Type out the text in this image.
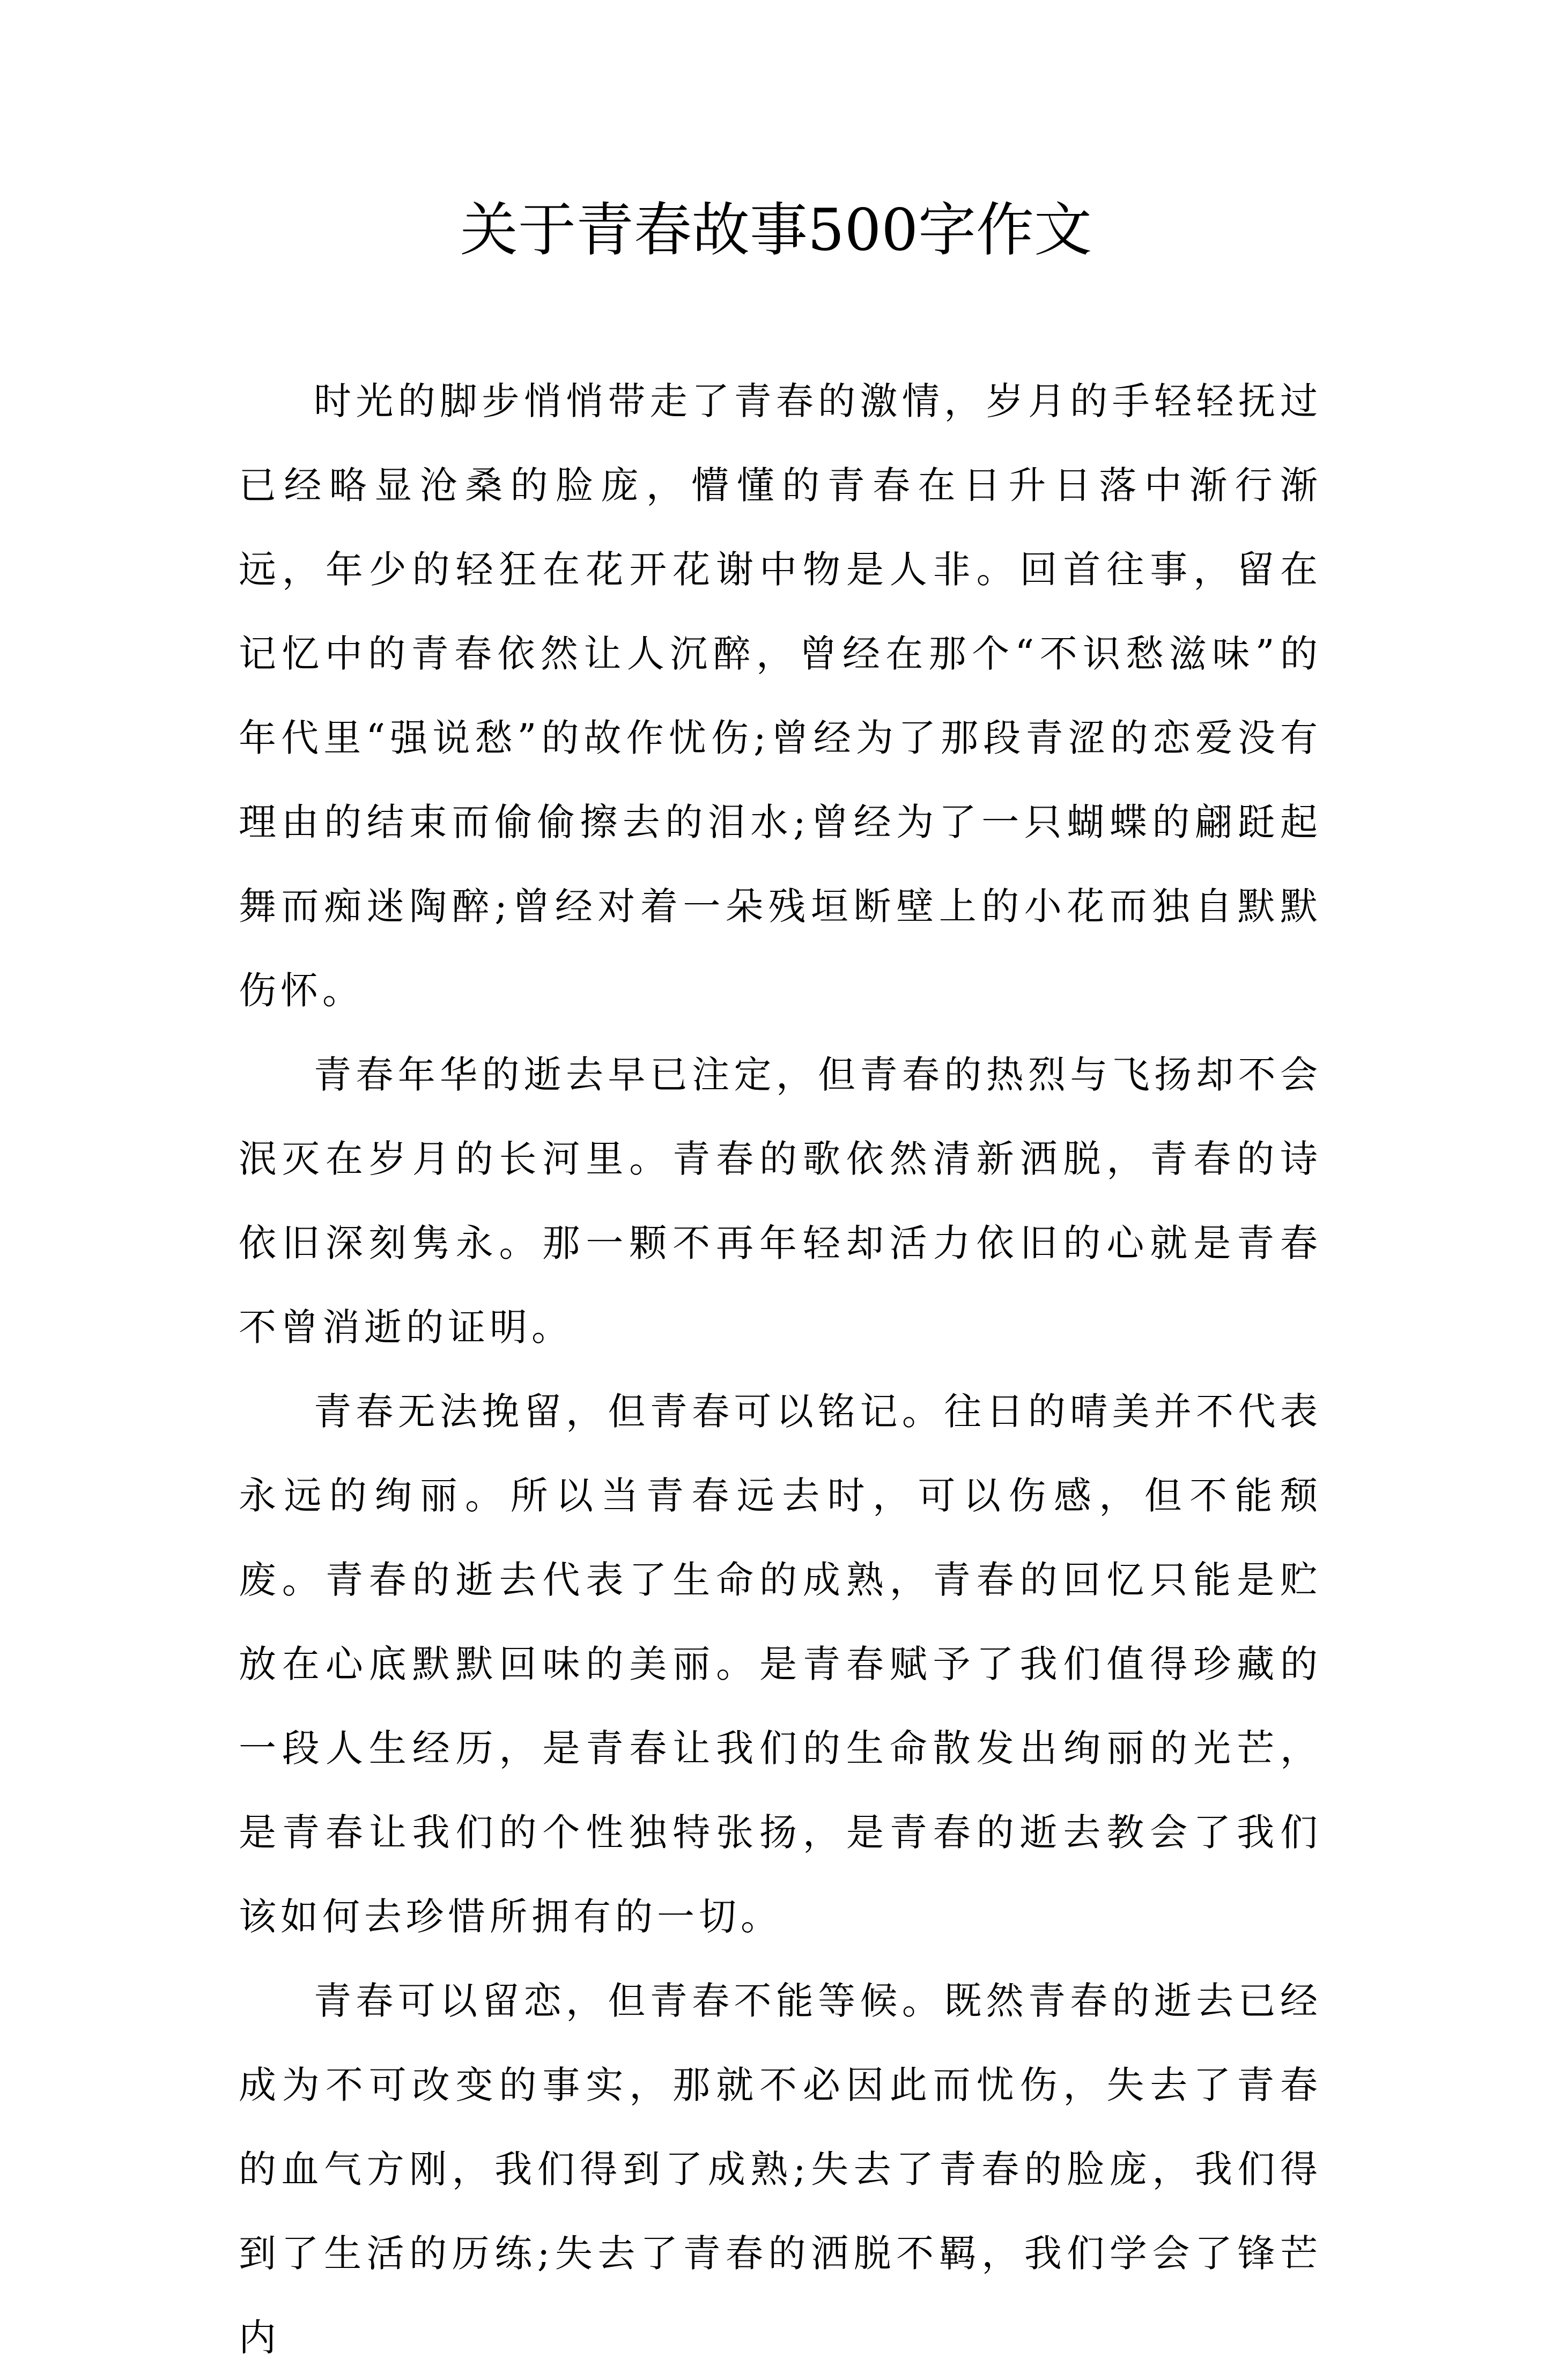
关于青春故事500字作文

时光的脚步悄悄带走了青春的激情，岁月的手轻轻抚过已经略显沧桑的脸庞，懵懂的青春在日升日落中渐行渐远，年少的轻狂在花开花谢中物是人非。回首往事，留在记忆中的青春依然让人沉醉，曾经在那个“不识愁滋味”的年代里“强说愁”的故作忧伤;曾经为了那段青涩的恋爱没有理由的结束而偷偷擦去的泪水;曾经为了一只蝴蝶的翩跹起舞而痴迷陶醉;曾经对着一朵残垣断壁上的小花而独自默默伤怀。

青春年华的逝去早已注定，但青春的热烈与飞扬却不会泯灭在岁月的长河里。青春的歌依然清新洒脱，青春的诗依旧深刻隽永。那一颗不再年轻却活力依旧的心就是青春不曾消逝的证明。

青春无法挽留，但青春可以铭记。往日的晴美并不代表永远的绚丽。所以当青春远去时，可以伤感，但不能颓废。青春的逝去代表了生命的成熟，青春的回忆只能是贮放在心底默默回味的美丽。是青春赋予了我们值得珍藏的一段人生经历，是青春让我们的生命散发出绚丽的光芒，是青春让我们的个性独特张扬，是青春的逝去教会了我们该如何去珍惜所拥有的一切。

青春可以留恋，但青春不能等候。既然青春的逝去已经成为不可改变的事实，那就不必因此而忧伤，失去了青春的血气方刚，我们得到了成熟;失去了青春的脸庞，我们得到了生活的历练;失去了青春的洒脱不羁，我们学会了锋芒内
